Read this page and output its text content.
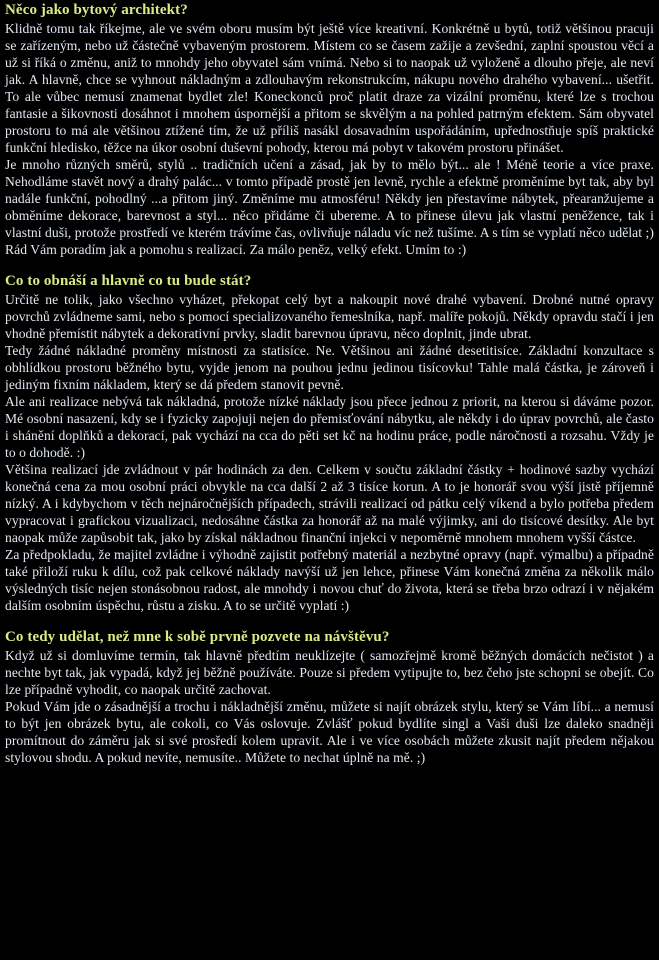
Něco jako bytový architekt?

Klidně tomu tak říkejme, ale ve svém oboru musím být ještě více kreativní. Konkrétně u bytů, totiž většinou pracuji se zařízeným, nebo už částečně vybaveným prostorem. Místem co se časem zažije a zevšední, zaplní spoustou věcí a už si říká o změnu, aniž to mnohdy jeho obyvatel sám vnímá. Nebo si to naopak už vyloženě a dlouho přeje, ale neví jak. A hlavně, chce se vyhnout nákladným a zdlouhavým rekonstrukcím, nákupu nového drahého vybavení... ušetřit. To ale vůbec nemusí znamenat bydlet zle! Koneckonců proč platit draze za vizální proměnu, které lze s trochou fantasie a šikovnosti dosáhnot i mnohem úspornější a přitom se skvělým a na pohled patrným efektem. Sám obyvatel prostoru to má ale většinou ztížené tím, že už příliš nasákl dosavadním uspořádáním, upřednostňuje spíš praktické funkční hledisko, těžce na úkor osobní duševní pohody, kterou má pobyt v takovém prostoru přinášet.

Je mnoho různých směrů, stylů .. tradičních učení a zásad, jak by to mělo být... ale ! Méně teorie a více praxe. Nehodláme stavět nový a drahý palác... v tomto případě prostě jen levně, rychle a efektně proměníme byt tak, aby byl nadále funkční, pohodlný ...a přitom jiný. Změníme mu atmosféru! Někdy jen přestavíme nábytek, přearanžujeme a obměníme dekorace, barevnost a styl... něco přidáme či ubereme. A to přinese úlevu jak vlastní peněžence, tak i vlastní duši, protože prostředí ve kterém trávíme čas, ovlivňuje náladu víc než tušíme. A s tím se vyplatí něco udělat ;)

Rád Vám poradím jak a pomohu s realizací. Za málo peněz, velký efekt. Umím to :)

Co to obnáší a hlavně co tu bude stát?

Určitě ne tolik, jako všechno vyházet, překopat celý byt a nakoupit nové drahé vybavení. Drobné nutné opravy povrchů zvládneme sami, nebo s pomocí specializovaného řemeslníka, např. malíře pokojů. Někdy opravdu stačí i jen vhodně přemístit nábytek a dekorativní prvky, sladit barevnou úpravu, něco doplnit, jinde ubrat.

Tedy žádné nákladné proměny místnosti za statisíce. Ne. Většinou ani žádné desetitisíce. Základní konzultace s obhlídkou prostoru běžného bytu, vyjde jenom na pouhou jednu jedinou tisícovku! Tahle malá částka, je zároveň i jediným fixním nákladem, který se dá předem stanovit pevně.

Ale ani realizace nebývá tak nákladná, protože nízké náklady jsou přece jednou z priorit, na kterou si dáváme pozor. Mé osobní nasazení, kdy se i fyzicky zapojuji nejen do přemisťování nábytku, ale někdy i do úprav povrchů, ale často i shánění doplňků a dekorací, pak vychází na cca do pěti set kč na hodinu práce, podle náročnosti a rozsahu. Vždy je to o dohodě. :)

Většina realizací jde zvládnout v pár hodinách za den. Celkem v součtu základní částky + hodinové sazby vychází konečná cena za mou osobní práci obvykle na cca další 2 až 3 tisíce korun. A to je honorář svou výší jistě příjemně nízký. A i kdybychom v těch nejnáročnějších případech, strávili realizací od pátku celý víkend a bylo potřeba předem vypracovat i grafickou vizualizaci, nedosáhne částka za honorář až na malé výjimky, ani do tisícové desítky. Ale byt naopak může zapůsobit tak, jako by získal nákladnou finanční injekci v nepoměrně mnohem mnohem vyšší částce.

Za předpokladu, že majitel zvládne i výhodně zajistit potřebný materiál a nezbytné opravy (např. výmalbu) a případně také přiloží ruku k dílu, což pak celkové náklady navýší už jen lehce, přinese Vám konečná změna za několik málo výsledných tisíc nejen stonásobnou radost, ale mnohdy i novou chuť do života, která se třeba brzo odrazí i v nějakém dalším osobním úspěchu, růstu a zisku. A to se určitě vyplatí :)

Co tedy udělat, než mne k sobě prvně pozvete na návštěvu?

Když už si domluvíme termín, tak hlavně předtím neuklízejte ( samozřejmě kromě běžných domácích nečistot ) a nechte byt tak, jak vypadá, když jej běžně používáte. Pouze si předem vytipujte to, bez čeho jste schopni se obejít. Co lze případně vyhodit, co naopak určitě zachovat.

Pokud Vám jde o zásadnější a trochu i nákladnější změnu, můžete si najít obrázek stylu, který se Vám líbí... a nemusí to být jen obrázek bytu, ale cokoli, co Vás oslovuje. Zvlášť pokud bydlíte singl a Vaši duši lze daleko snadněji promítnout do záměru jak si své prosředí kolem upravit. Ale i ve více osobách můžete zkusit najít předem nějakou stylovou shodu. A pokud nevíte, nemusíte.. Můžete to nechat úplně na mě. ;)
